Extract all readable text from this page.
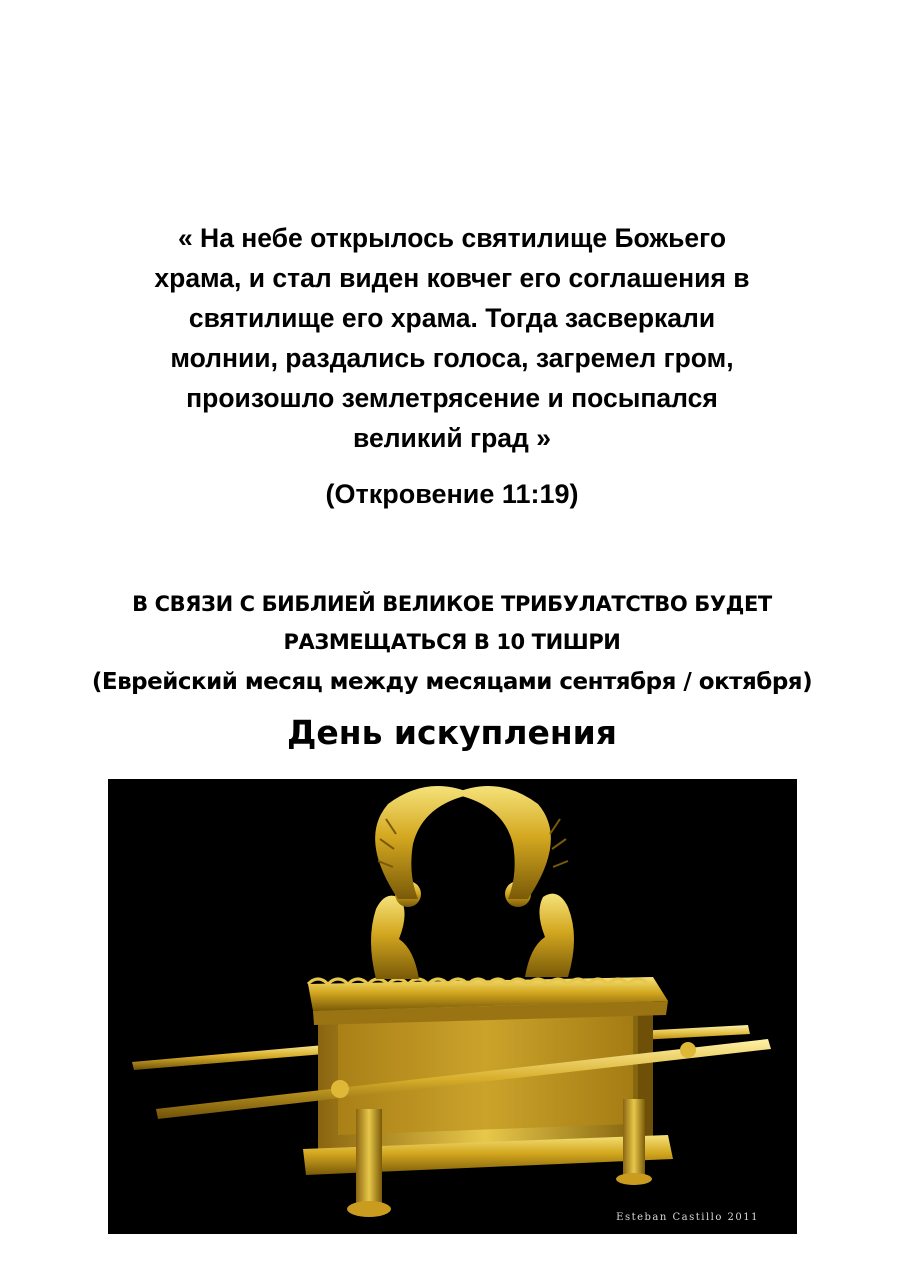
« На небе открылось святилище Божьего
храма, и стал виден ковчег его соглашения в
святилище его храма. Тогда засверкали
молнии, раздались голоса, загремел гром,
произошло землетрясение и посыпался
великий град »
(Откровение 11:19)
В СВЯЗИ С БИБЛИЕЙ ВЕЛИКОЕ ТРИБУЛАТСТВО БУДЕТ
РАЗМЕЩАТЬСЯ В 10 ТИШРИ
(Еврейский месяц между месяцами сентября / октября)
День искупления
Esteban Castillo 2011
